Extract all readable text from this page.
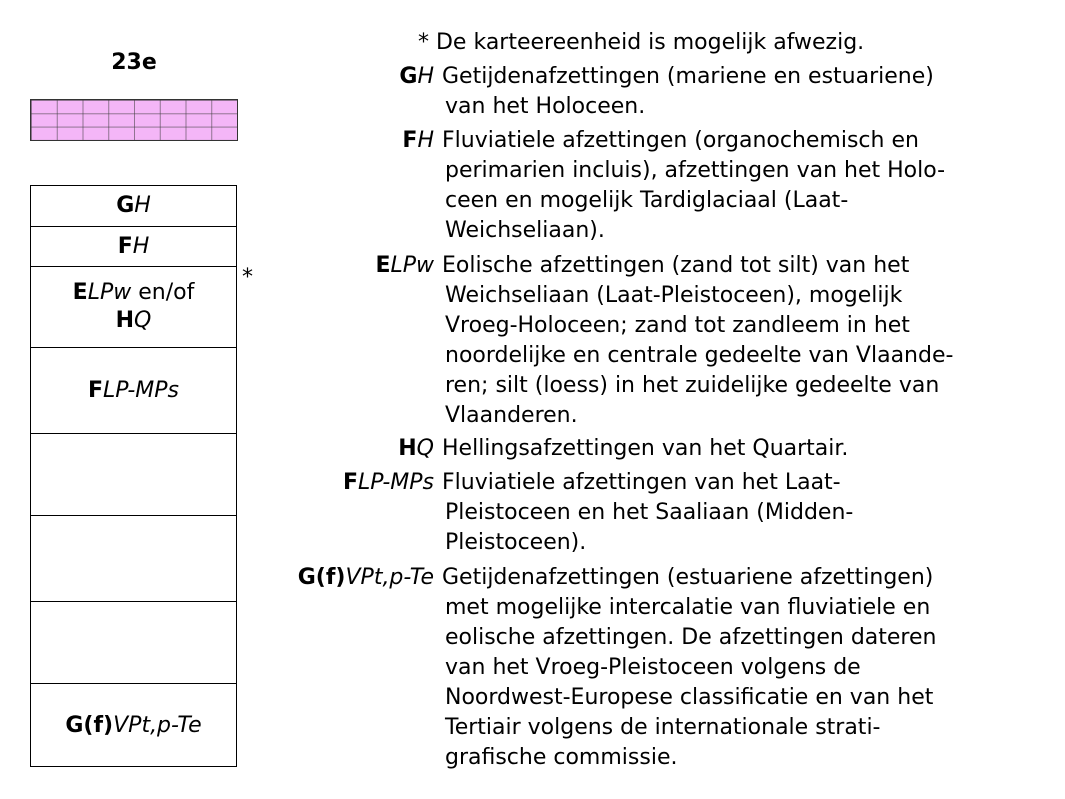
23e
GH
FH
ELPw en/of
HQ
FLP-MPs
G(f)VPt,p-Te
*
* De karteereenheid is mogelijk afwezig.
GH Getijdenafzettingen (mariene en estuariene)
van het Holoceen.
FH Fluviatiele afzettingen (organochemisch en
perimarien incluis), afzettingen van het Holo-
ceen en mogelijk Tardiglaciaal (Laat-
Weichseliaan).
ELPw Eolische afzettingen (zand tot silt) van het
Weichseliaan (Laat-Pleistoceen), mogelijk
Vroeg-Holoceen; zand tot zandleem in het
noordelijke en centrale gedeelte van Vlaande-
ren; silt (loess) in het zuidelijke gedeelte van
Vlaanderen.
HQ Hellingsafzettingen van het Quartair.
FLP-MPs Fluviatiele afzettingen van het Laat-
Pleistoceen en het Saaliaan (Midden-
Pleistoceen).
G(f)VPt,p-Te Getijdenafzettingen (estuariene afzettingen)
met mogelijke intercalatie van fluviatiele en
eolische afzettingen. De afzettingen dateren
van het Vroeg-Pleistoceen volgens de
Noordwest-Europese classificatie en van het
Tertiair volgens de internationale strati-
grafische commissie.
